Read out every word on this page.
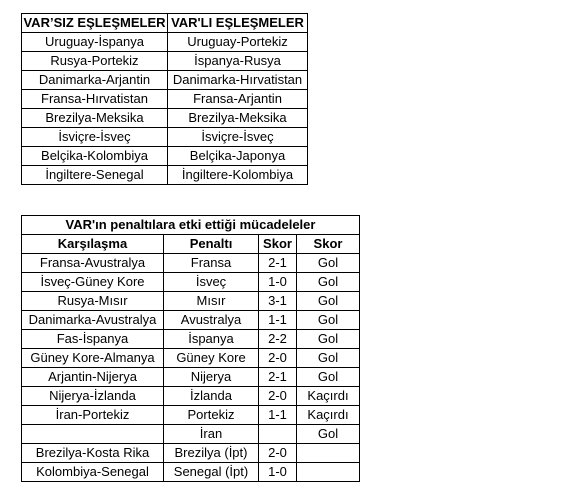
VAR’SIZ EŞLEŞMELER	VAR'LI EŞLEŞMELER
Uruguay-İspanya	Uruguay-Portekiz
Rusya-Portekiz	İspanya-Rusya
Danimarka-Arjantin	Danimarka-Hırvatistan
Fransa-Hırvatistan	Fransa-Arjantin
Brezilya-Meksika	Brezilya-Meksika
İsviçre-İsveç	İsviçre-İsveç
Belçika-Kolombiya	Belçika-Japonya
İngiltere-Senegal	İngiltere-Kolombiya
VAR'ın penaltılara etki ettiği mücadeleler			
Karşılaşma	Penaltı	Skor	Skor
Fransa-Avustralya	Fransa	2-1	Gol
İsveç-Güney Kore	İsveç	1-0	Gol
Rusya-Mısır	Mısır	3-1	Gol
Danimarka-Avustralya	Avustralya	1-1	Gol
Fas-İspanya	İspanya	2-2	Gol
Güney Kore-Almanya	Güney Kore	2-0	Gol
Arjantin-Nijerya	Nijerya	2-1	Gol
Nijerya-İzlanda	İzlanda	2-0	Kaçırdı
İran-Portekiz	Portekiz	1-1	Kaçırdı
	İran		Gol
Brezilya-Kosta Rika	Brezilya (İpt)	2-0	
Kolombiya-Senegal	Senegal (İpt)	1-0	
